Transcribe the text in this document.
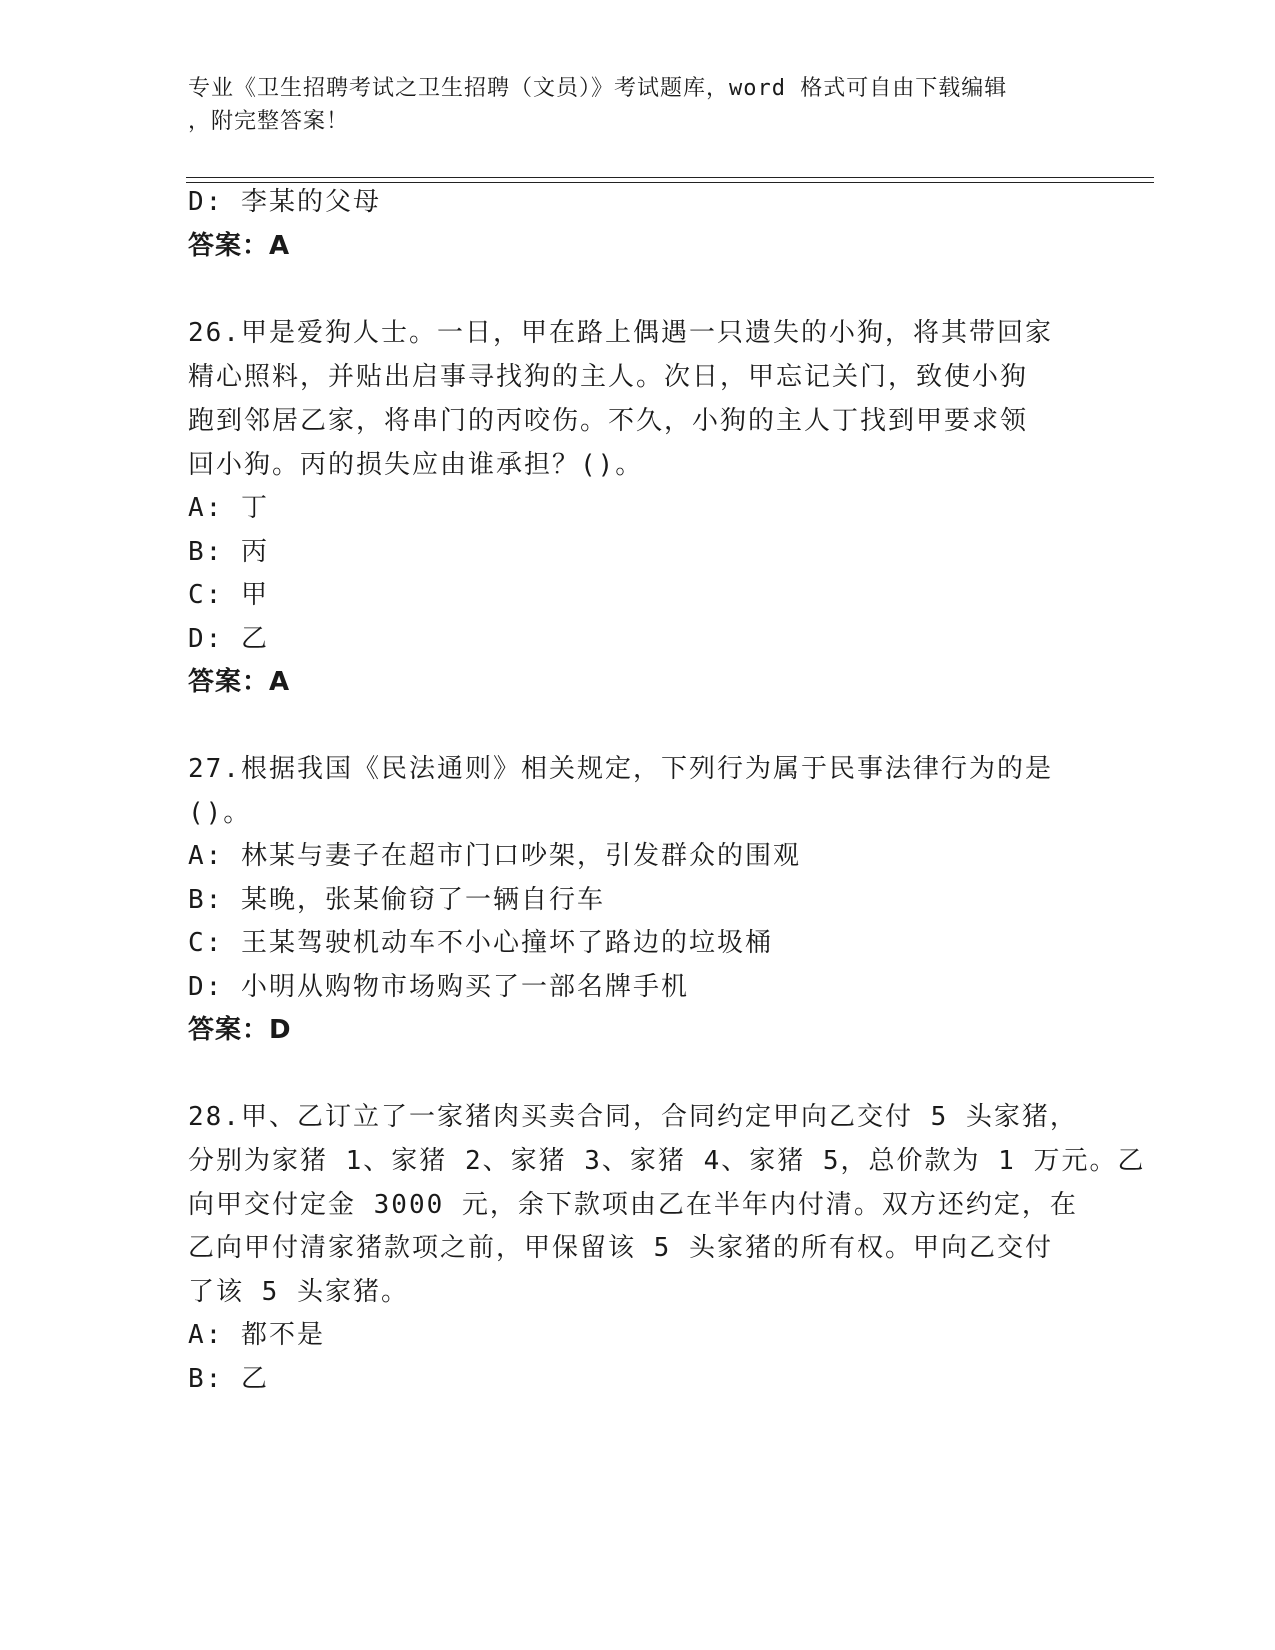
专业《卫生招聘考试之卫生招聘（文员）》考试题库，word 格式可自由下载编辑
，附完整答案！
D: 李某的父母
答案：A
26.甲是爱狗人士。一日，甲在路上偶遇一只遗失的小狗，将其带回家
精心照料，并贴出启事寻找狗的主人。次日，甲忘记关门，致使小狗
跑到邻居乙家，将串门的丙咬伤。不久，小狗的主人丁找到甲要求领
回小狗。丙的损失应由谁承担？()。
A: 丁
B: 丙
C: 甲
D: 乙
答案：A
27.根据我国《民法通则》相关规定，下列行为属于民事法律行为的是
()。
A: 林某与妻子在超市门口吵架，引发群众的围观
B: 某晚，张某偷窃了一辆自行车
C: 王某驾驶机动车不小心撞坏了路边的垃圾桶
D: 小明从购物市场购买了一部名牌手机
答案：D
28.甲、乙订立了一家猪肉买卖合同，合同约定甲向乙交付 5 头家猪，
分别为家猪 1、家猪 2、家猪 3、家猪 4、家猪 5，总价款为 1 万元。乙
向甲交付定金 3000 元，余下款项由乙在半年内付清。双方还约定，在
乙向甲付清家猪款项之前，甲保留该 5 头家猪的所有权。甲向乙交付
了该 5 头家猪。
A: 都不是
B: 乙
